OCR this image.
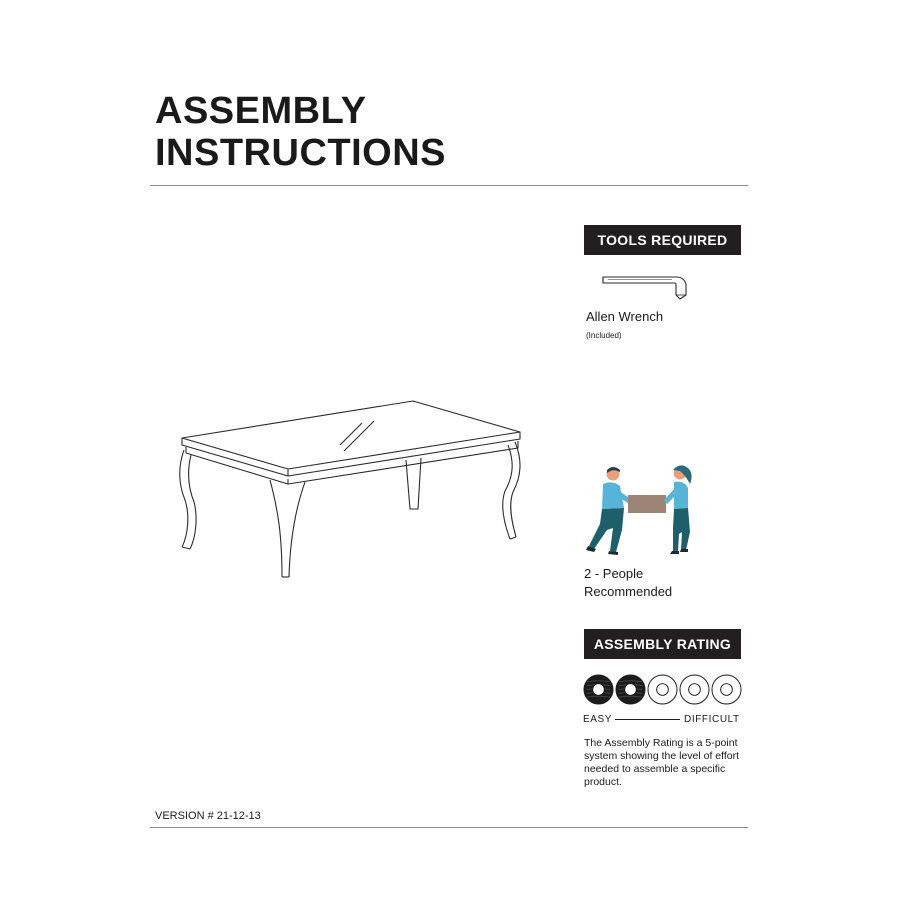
ASSEMBLY
INSTRUCTIONS
TOOLS REQUIRED
Allen Wrench
(Included)
2 - People
Recommended
ASSEMBLY RATING
EASY	DIFFICULT
The Assembly Rating is a 5-point system showing the level of effort needed to assemble a specific product.
VERSION # 21-12-13
